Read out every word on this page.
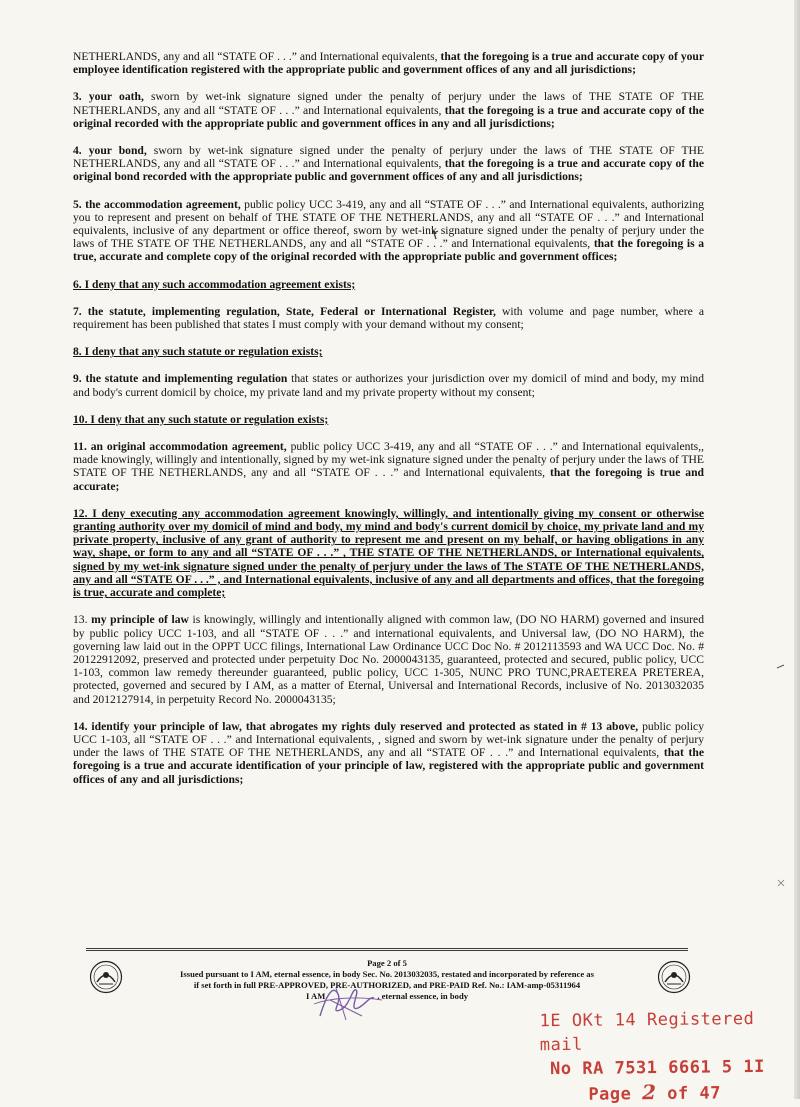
NETHERLANDS, any and all “STATE OF . . .” and International equivalents, that the foregoing is a true and accurate copy of your employee identification registered with the appropriate public and government offices of any and all jurisdictions;

3. your oath, sworn by wet-ink signature signed under the penalty of perjury under the laws of THE STATE OF THE NETHERLANDS, any and all “STATE OF . . .” and International equivalents, that the foregoing is a true and accurate copy of the original recorded with the appropriate public and government offices in any and all jurisdictions;

4. your bond, sworn by wet-ink signature signed under the penalty of perjury under the laws of THE STATE OF THE NETHERLANDS, any and all “STATE OF . . .” and International equivalents, that the foregoing is a true and accurate copy of the original bond recorded with the appropriate public and government offices of any and all jurisdictions;

5. the accommodation agreement, public policy UCC 3-419, any and all “STATE OF . . .” and International equivalents, authorizing you to represent and present on behalf of THE STATE OF THE NETHERLANDS, any and all “STATE OF . . .” and International equivalents, inclusive of any department or office thereof, sworn by wet-ink signature signed under the penalty of perjury under the laws of THE STATE OF THE NETHERLANDS, any and all “STATE OF . . .” and International equivalents, that the foregoing is a true, accurate and complete copy of the original recorded with the appropriate public and government offices;

6. I deny that any such accommodation agreement exists;

7. the statute, implementing regulation, State, Federal or International Register, with volume and page number, where a requirement has been published that states I must comply with your demand without my consent;

8. I deny that any such statute or regulation exists;

9. the statute and implementing regulation that states or authorizes your jurisdiction over my domicil of mind and body, my mind and body's current domicil by choice, my private land and my private property without my consent;

10. I deny that any such statute or regulation exists;

11. an original accommodation agreement, public policy UCC 3-419, any and all “STATE OF . . .” and International equivalents,, made knowingly, willingly and intentionally, signed by my wet-ink signature signed under the penalty of perjury under the laws of THE STATE OF THE NETHERLANDS, any and all “STATE OF . . .” and International equivalents, that the foregoing is true and accurate;

12. I deny executing any accommodation agreement knowingly, willingly, and intentionally giving my consent or otherwise granting authority over my domicil of mind and body, my mind and body's current domicil by choice, my private land and my private property, inclusive of any grant of authority to represent me and present on my behalf, or having obligations in any way, shape, or form to any and all “STATE OF . . .” , THE STATE OF THE NETHERLANDS, or International equivalents, signed by my wet-ink signature signed under the penalty of perjury under the laws of The STATE OF THE NETHERLANDS, any and all “STATE OF . . .” , and International equivalents, inclusive of any and all departments and offices, that the foregoing is true, accurate and complete;

13. my principle of law is knowingly, willingly and intentionally aligned with common law, (DO NO HARM) governed and insured by public policy UCC 1-103, and all “STATE OF . . .” and international equivalents, and Universal law, (DO NO HARM), the governing law laid out in the OPPT UCC filings, International Law Ordinance UCC Doc No. # 2012113593 and WA UCC Doc. No. # 20122912092, preserved and protected under perpetuity Doc No. 2000043135, guaranteed, protected and secured, public policy, UCC 1-103, common law remedy thereunder guaranteed, public policy, UCC 1-305, NUNC PRO TUNC,PRAETEREA PRETEREA, protected, governed and secured by I AM, as a matter of Eternal, Universal and International Records, inclusive of No. 2013032035 and 2012127914, in perpetuity Record No. 2000043135;

14. identify your principle of law, that abrogates my rights duly reserved and protected as stated in # 13 above, public policy UCC 1-103, all “STATE OF . . .” and International equivalents, , signed and sworn by wet-ink signature under the penalty of perjury under the laws of THE STATE OF THE NETHERLANDS, any and all “STATE OF . . .” and International equivalents, that the foregoing is a true and accurate identification of your principle of law, registered with the appropriate public and government offices of any and all jurisdictions;

Page 2 of 5
Issued pursuant to I AM, eternal essence, in body Sec. No. 2013032035, restated and incorporated by reference as
if set forth in full PRE-APPROVED, PRE-AUTHORIZED, and PRE-PAID Ref. No.: IAM-amp-05311964
I AM	, eternal essence, in body
1E OKt 14 Registered mail
No RA 7531 6661 5 1I
Page 2 of 47
